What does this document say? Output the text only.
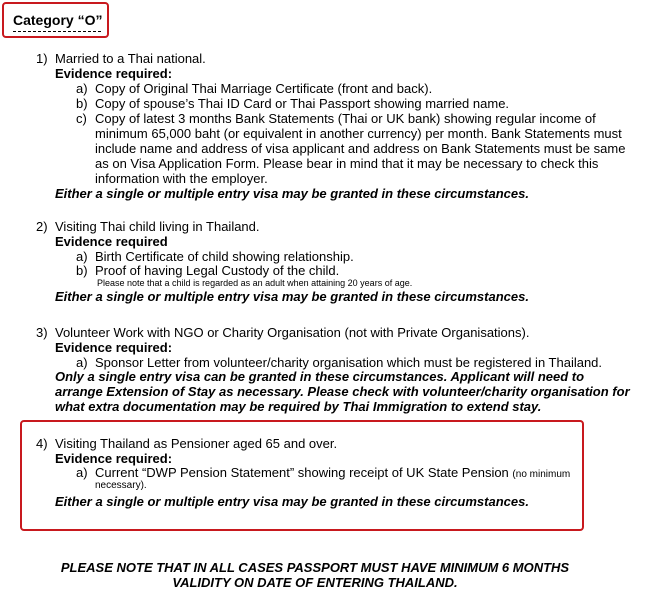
Category “O”
1) Married to a Thai national.
Evidence required:
a) Copy of Original Thai Marriage Certificate (front and back).
b) Copy of spouse’s Thai ID Card or Thai Passport showing married name.
c) Copy of latest 3 months Bank Statements (Thai or UK bank) showing regular income of
minimum 65,000 baht (or equivalent in another currency) per month. Bank Statements must
include name and address of visa applicant and address on Bank Statements must be same
as on Visa Application Form. Please bear in mind that it may be necessary to check this
information with the employer.
Either a single or multiple entry visa may be granted in these circumstances.
2) Visiting Thai child living in Thailand.
Evidence required
a) Birth Certificate of child showing relationship.
b) Proof of having Legal Custody of the child.
Please note that a child is regarded as an adult when attaining 20 years of age.
Either a single or multiple entry visa may be granted in these circumstances.
3) Volunteer Work with NGO or Charity Organisation (not with Private Organisations).
Evidence required:
a) Sponsor Letter from volunteer/charity organisation which must be registered in Thailand.
Only a single entry visa can be granted in these circumstances. Applicant will need to
arrange Extension of Stay as necessary. Please check with volunteer/charity organisation for
what extra documentation may be required by Thai Immigration to extend stay.
4) Visiting Thailand as Pensioner aged 65 and over.
Evidence required:
a) Current “DWP Pension Statement” showing receipt of UK State Pension (no minimum
necessary).
Either a single or multiple entry visa may be granted in these circumstances.
PLEASE NOTE THAT IN ALL CASES PASSPORT MUST HAVE MINIMUM 6 MONTHS
VALIDITY ON DATE OF ENTERING THAILAND.
